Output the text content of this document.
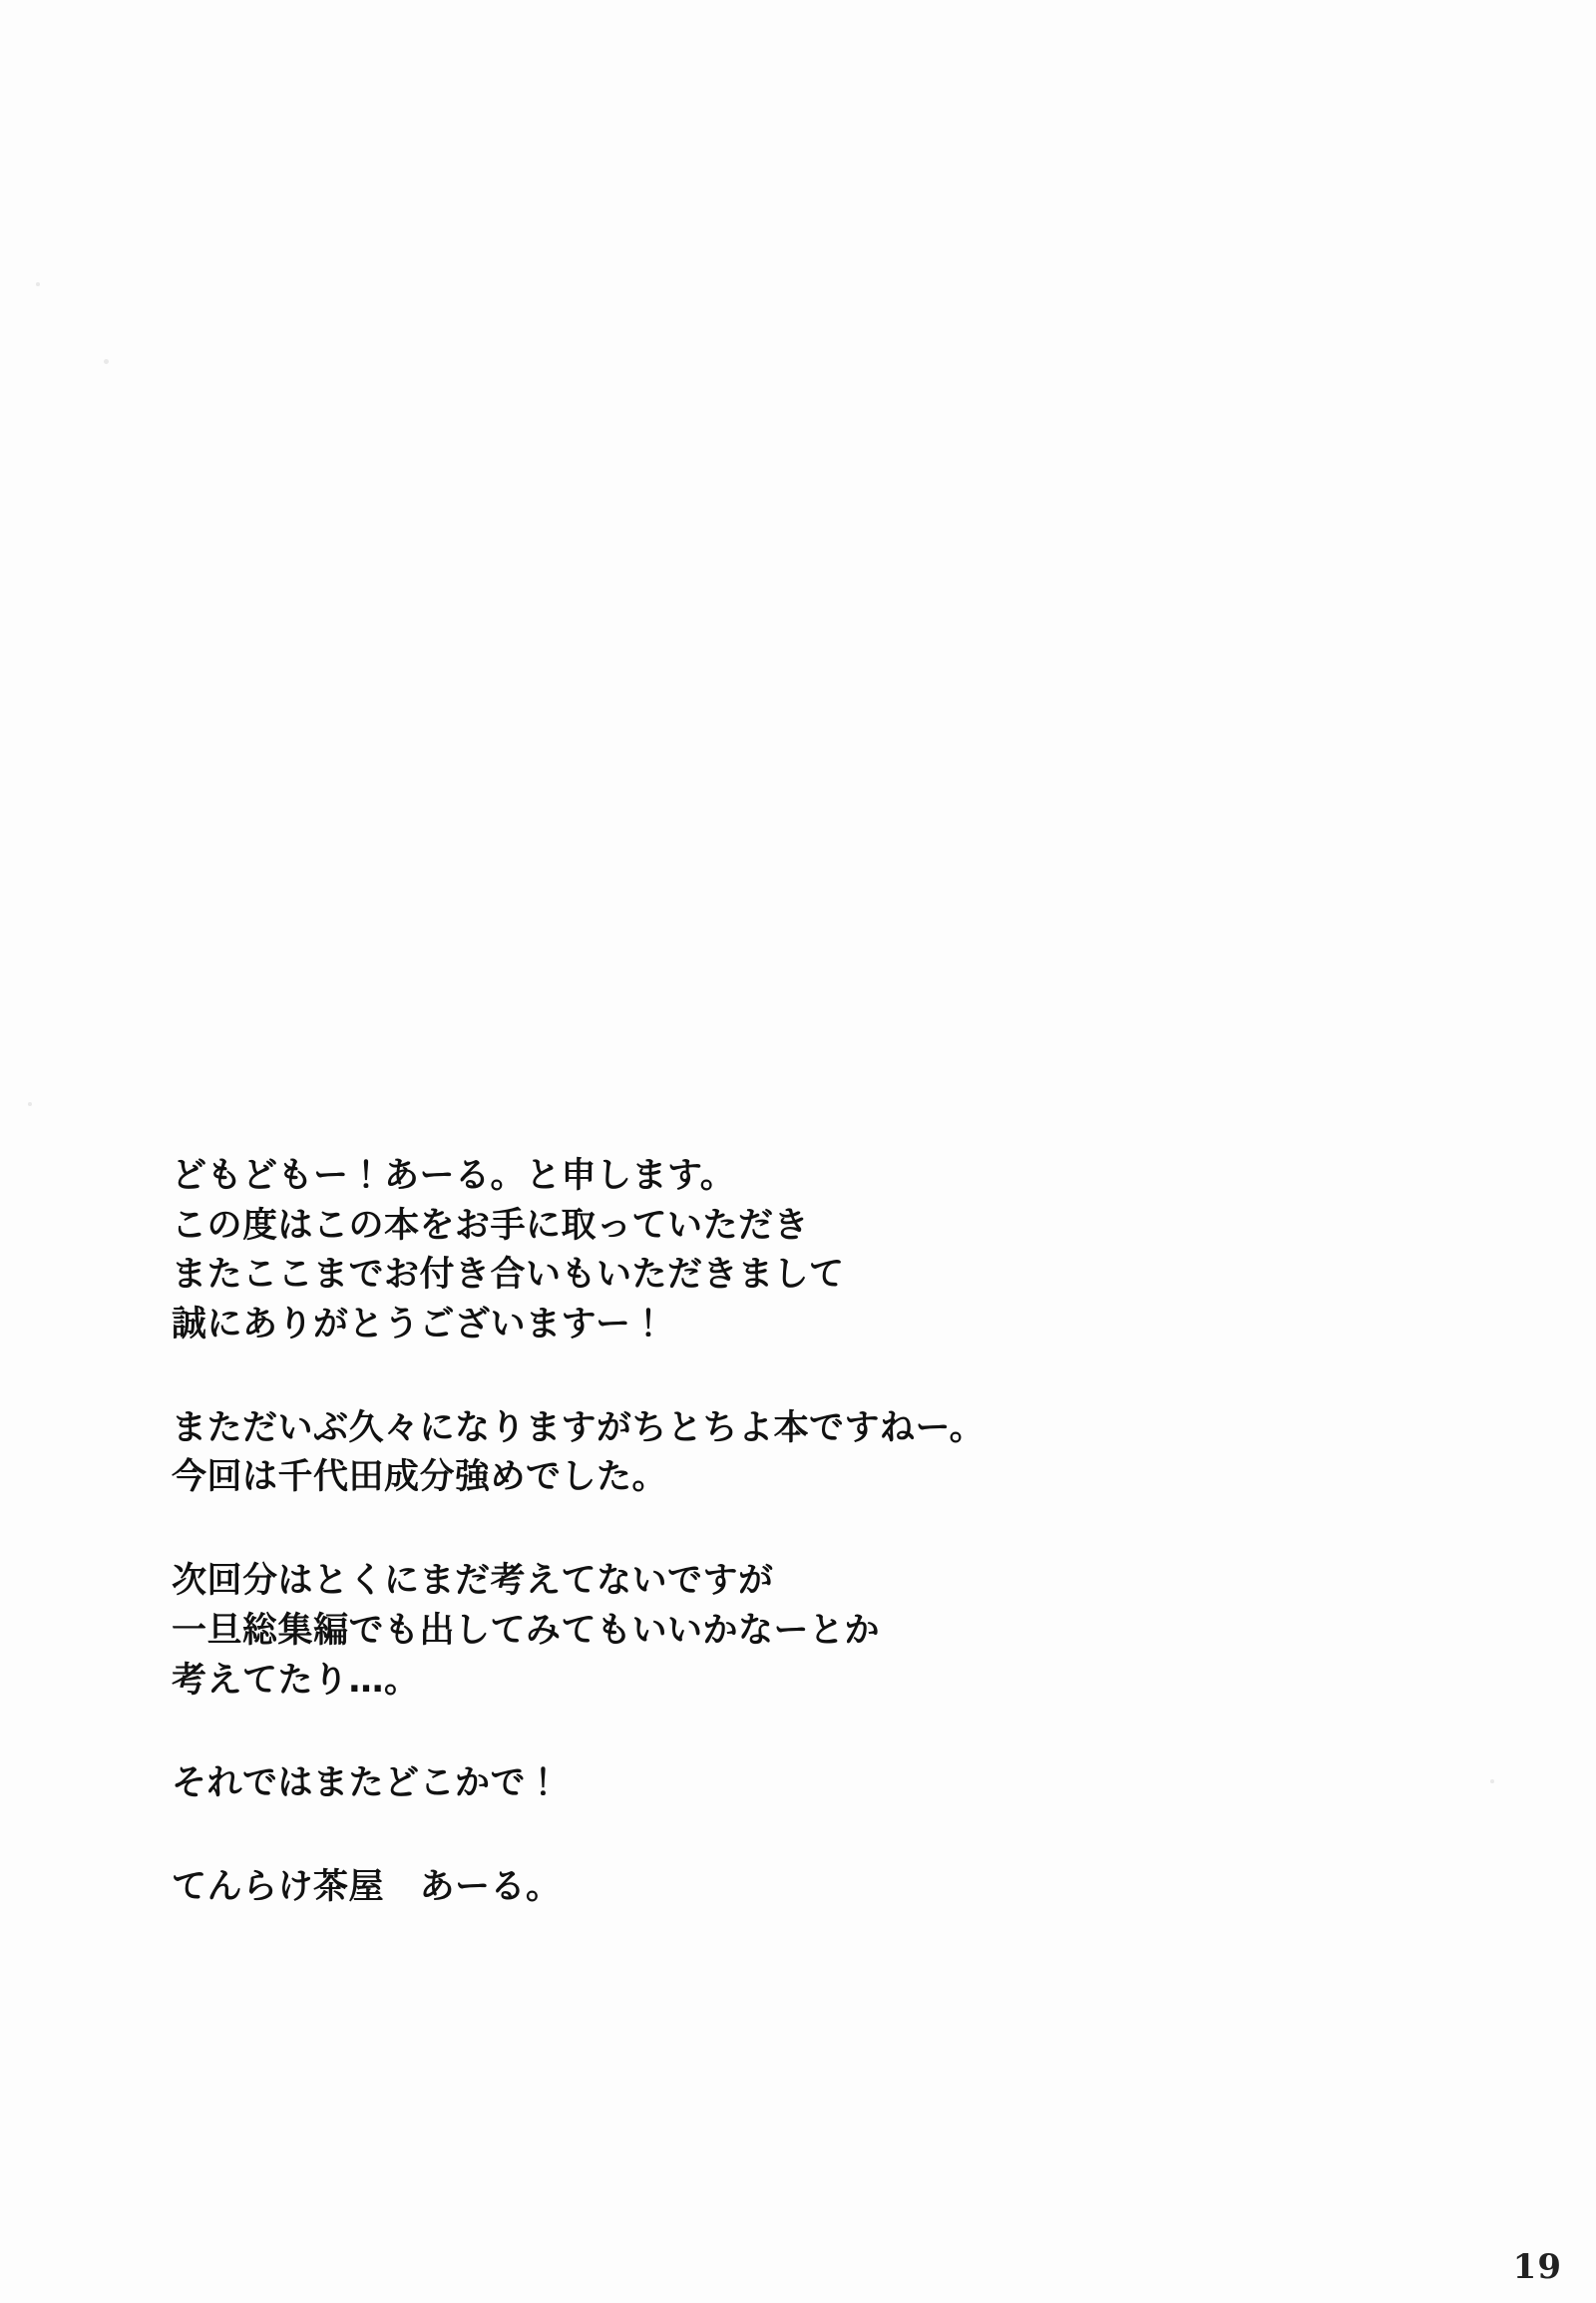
どもどもー！あーる。と申します。
この度はこの本をお手に取っていただき
またここまでお付き合いもいただきまして
誠にありがとうございますー！
まただいぶ久々になりますがちとちよ本ですねー。
今回は千代田成分強めでした。
次回分はとくにまだ考えてないですが
一旦総集編でも出してみてもいいかなーとか
考えてたり…。
それではまたどこかで！
てんらけ茶屋　あーる。
19
